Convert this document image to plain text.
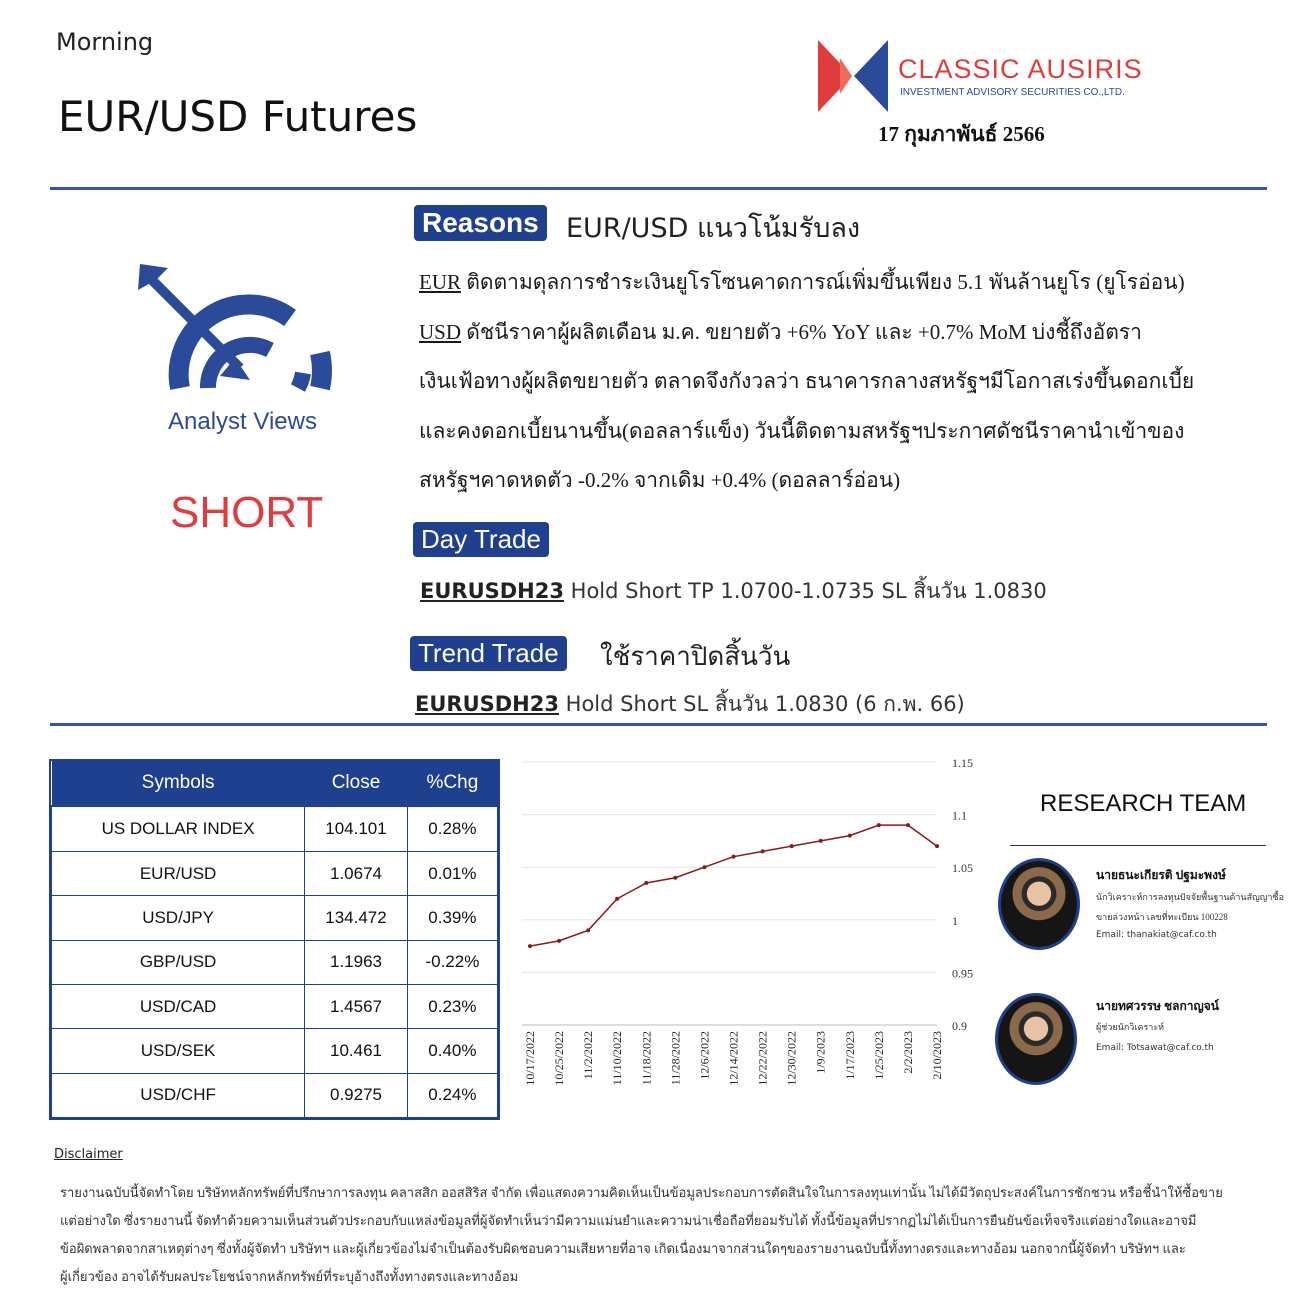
Morning
EUR/USD Futures
CLASSIC AUSIRIS
INVESTMENT ADVISORY SECURITIES CO.,LTD.
17 กุมภาพันธ์ 2566
Analyst Views
SHORT
Reasons EUR/USD แนวโน้มรับลง
EUR ติดตามดุลการชำระเงินยูโรโซนคาดการณ์เพิ่มขึ้นเพียง 5.1 พันล้านยูโร (ยูโรอ่อน)
USD ดัชนีราคาผู้ผลิตเดือน ม.ค. ขยายตัว +6% YoY และ +0.7% MoM บ่งชี้ถึงอัตรา
เงินเฟ้อทางผู้ผลิตขยายตัว ตลาดจึงกังวลว่า ธนาคารกลางสหรัฐฯมีโอกาสเร่งขึ้นดอกเบี้ย
และคงดอกเบี้ยนานขึ้น(ดอลลาร์แข็ง) วันนี้ติดตามสหรัฐฯประกาศดัชนีราคานำเข้าของ
สหรัฐฯคาดหดตัว -0.2% จากเดิม +0.4% (ดอลลาร์อ่อน)
Day Trade
EURUSDH23 Hold Short TP 1.0700-1.0735 SL สิ้นวัน 1.0830
Trend Trade	ใช้ราคาปิดสิ้นวัน
EURUSDH23 Hold Short SL สิ้นวัน 1.0830 (6 ก.พ. 66)
Symbols	Close	%Chg
US DOLLAR INDEX	104.101	0.28%
EUR/USD	1.0674	0.01%
USD/JPY	134.472	0.39%
GBP/USD	1.1963	-0.22%
USD/CAD	1.4567	0.23%
USD/SEK	10.461	0.40%
USD/CHF	0.9275	0.24%
1.15
1.1
1.05
1
0.95
0.9
10/17/2022 10/25/2022 11/2/2022 11/10/2022 11/18/2022 11/28/2022 12/6/2022 12/14/2022 12/22/2022 12/30/2022 1/9/2023 1/17/2023 1/25/2023 2/2/2023 2/10/2023
RESEARCH TEAM
นายธนะเกียรติ ปฐมะพงษ์
นักวิเคราะห์การลงทุนปัจจัยพื้นฐานด้านสัญญาซื้อ
ขายล่วงหน้า เลขที่ทะเบียน 100228
Email: thanakiat@caf.co.th
นายทศวรรษ ชลกาญจน์
ผู้ช่วยนักวิเคราะห์
Email: Totsawat@caf.co.th
Disclaimer
รายงานฉบับนี้จัดทำโดย บริษัทหลักทรัพย์ที่ปรึกษาการลงทุน คลาสสิก ออสสิริส จำกัด เพื่อแสดงความคิดเห็นเป็นข้อมูลประกอบการตัดสินใจในการลงทุนเท่านั้น ไม่ได้มีวัตถุประสงค์ในการชักชวน หรือชี้นำให้ซื้อขาย
แต่อย่างใด ซึ่งรายงานนี้ จัดทำด้วยความเห็นส่วนตัวประกอบกับแหล่งข้อมูลที่ผู้จัดทำเห็นว่ามีความแม่นยำและความน่าเชื่อถือที่ยอมรับได้ ทั้งนี้ข้อมูลที่ปรากฏไม่ได้เป็นการยืนยันข้อเท็จจริงแต่อย่างใดและอาจมี
ข้อผิดพลาดจากสาเหตุต่างๆ ซึ่งทั้งผู้จัดทำ บริษัทฯ และผู้เกี่ยวข้องไม่จำเป็นต้องรับผิดชอบความเสียหายที่อาจ เกิดเนื่องมาจากส่วนใดๆของรายงานฉบับนี้ทั้งทางตรงและทางอ้อม นอกจากนี้ผู้จัดทำ บริษัทฯ และ
ผู้เกี่ยวข้อง อาจได้รับผลประโยชน์จากหลักทรัพย์ที่ระบุอ้างถึงทั้งทางตรงและทางอ้อม
